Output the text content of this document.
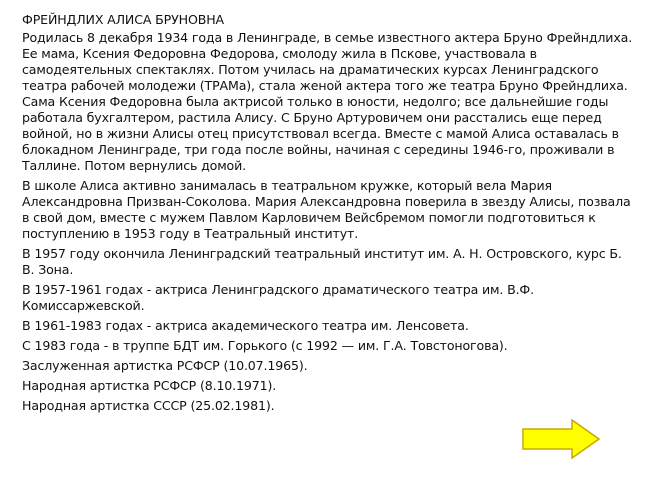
ФРЕЙНДЛИХ АЛИСА БРУНОВНА
Родилась 8 декабря 1934 года в Ленинграде, в семье известного актера Бруно Фрейндлиха. Ее мама, Ксения Федоровна Федорова, смолоду жила в Пскове, участвовала в самодеятельных спектаклях. Потом училась на драматических курсах Ленинградского театра рабочей молодежи (ТРАМа), стала женой актера того же театра Бруно Фрейндлиха. Сама Ксения Федоровна была актрисой только в юности, недолго; все дальнейшие годы работала бухгалтером, растила Алису. С Бруно Артуровичем они расстались еще перед войной, но в жизни Алисы отец присутствовал всегда. Вместе с мамой Алиса оставалась в блокадном Ленинграде, три года после войны, начиная с середины 1946-го, проживали в Таллине. Потом вернулись домой.
В школе Алиса активно занималась в театральном кружке, который вела Мария Александровна Призван-Соколова. Мария Александровна поверила в звезду Алисы, позвала в свой дом, вместе с мужем Павлом Карловичем Вейсбремом помогли подготовиться к поступлению в 1953 году в Театральный институт.
В 1957 году окончила Ленинградский театральный институт им. А. Н. Островского, курс Б. В. Зона.
В 1957-1961 годах - актриса Ленинградского драматического театра им. В.Ф. Комиссаржевской.
В 1961-1983 годах - актриса академического театра им. Ленсовета.
С 1983 года - в труппе БДТ им. Горького (с 1992 — им. Г.А. Товстоногова).
Заслуженная артистка РСФСР (10.07.1965).
Народная артистка РСФСР (8.10.1971).
Народная артистка СССР (25.02.1981).
